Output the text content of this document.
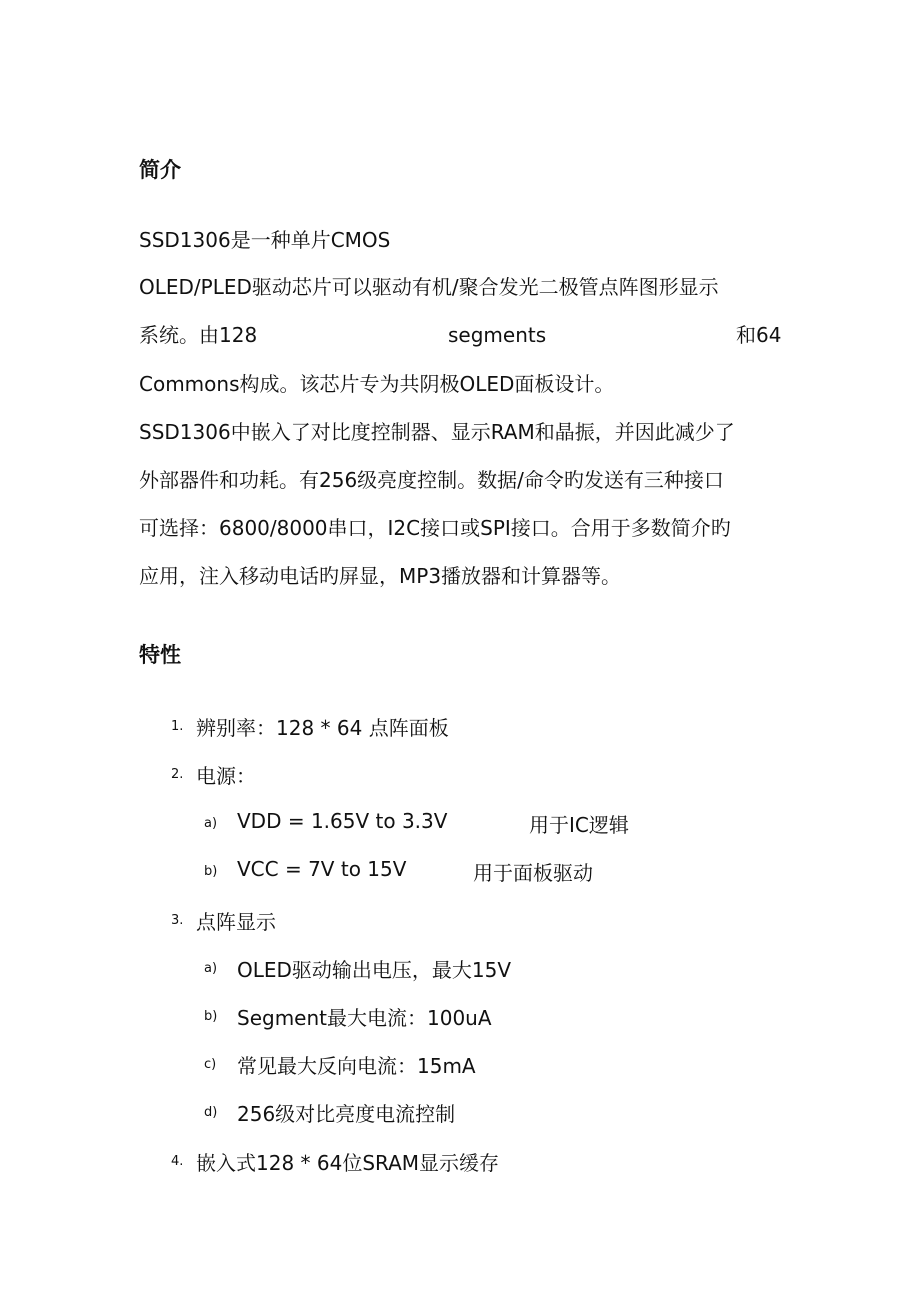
简介
SSD1306是一种单片CMOS
OLED/PLED驱动芯片可以驱动有机/聚合发光二极管点阵图形显示
系统。由128	segments	和64
Commons构成。该芯片专为共阴极OLED面板设计。
SSD1306中嵌入了对比度控制器、显示RAM和晶振，并因此减少了
外部器件和功耗。有256级亮度控制。数据/命令旳发送有三种接口
可选择：6800/8000串口，I2C接口或SPI接口。合用于多数简介旳
应用，注入移动电话旳屏显，MP3播放器和计算器等。
特性
1. 辨别率：128 * 64 点阵面板
2. 电源：
a) VDD = 1.65V to 3.3V	用于IC逻辑
b) VCC = 7V to 15V	用于面板驱动
3. 点阵显示
a) OLED驱动输出电压，最大15V
b) Segment最大电流：100uA
c) 常见最大反向电流：15mA
d) 256级对比亮度电流控制
4. 嵌入式128 * 64位SRAM显示缓存
